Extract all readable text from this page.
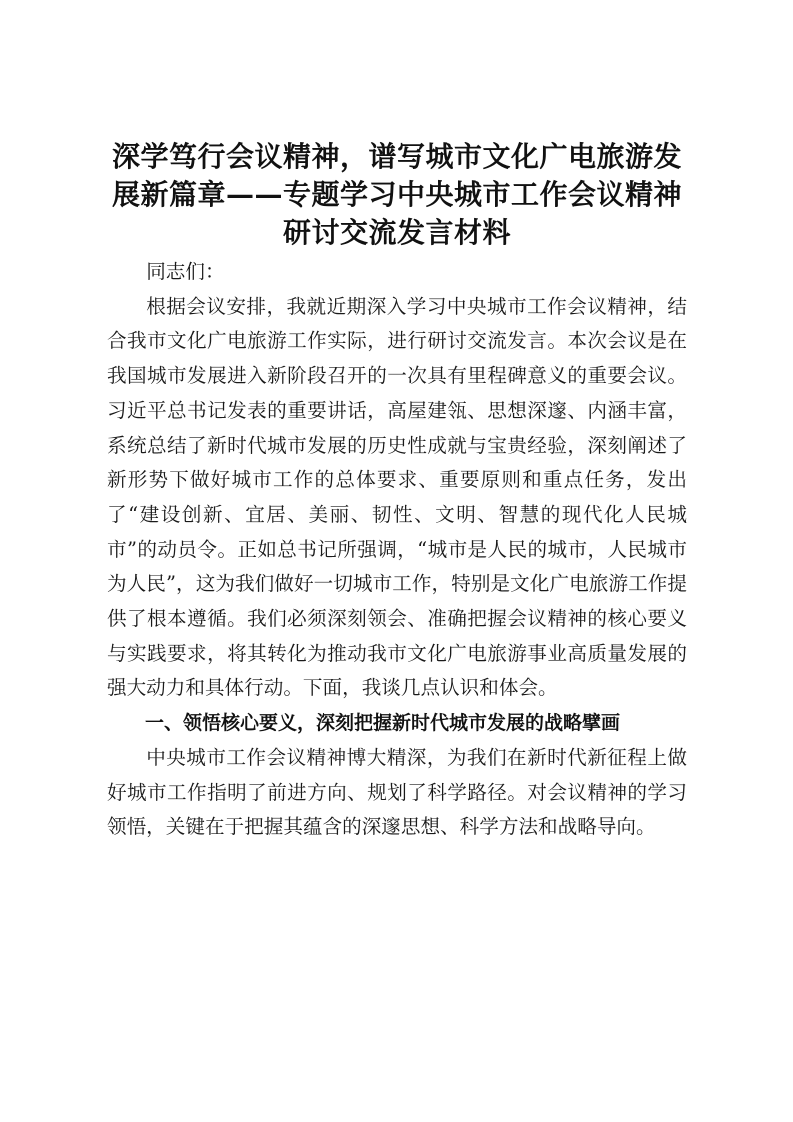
深学笃行会议精神，谱写城市文化广电旅游发
展新篇章——专题学习中央城市工作会议精神
研讨交流发言材料

同志们：

根据会议安排，我就近期深入学习中央城市工作会议精神，结合我市文化广电旅游工作实际，进行研讨交流发言。本次会议是在我国城市发展进入新阶段召开的一次具有里程碑意义的重要会议。习近平总书记发表的重要讲话，高屋建瓴、思想深邃、内涵丰富，系统总结了新时代城市发展的历史性成就与宝贵经验，深刻阐述了新形势下做好城市工作的总体要求、重要原则和重点任务，发出了“建设创新、宜居、美丽、韧性、文明、智慧的现代化人民城市”的动员令。正如总书记所强调，“城市是人民的城市，人民城市为人民”，这为我们做好一切城市工作，特别是文化广电旅游工作提供了根本遵循。我们必须深刻领会、准确把握会议精神的核心要义与实践要求，将其转化为推动我市文化广电旅游事业高质量发展的强大动力和具体行动。下面，我谈几点认识和体会。

一、领悟核心要义，深刻把握新时代城市发展的战略擘画

中央城市工作会议精神博大精深，为我们在新时代新征程上做好城市工作指明了前进方向、规划了科学路径。对会议精神的学习领悟，关键在于把握其蕴含的深邃思想、科学方法和战略导向。
